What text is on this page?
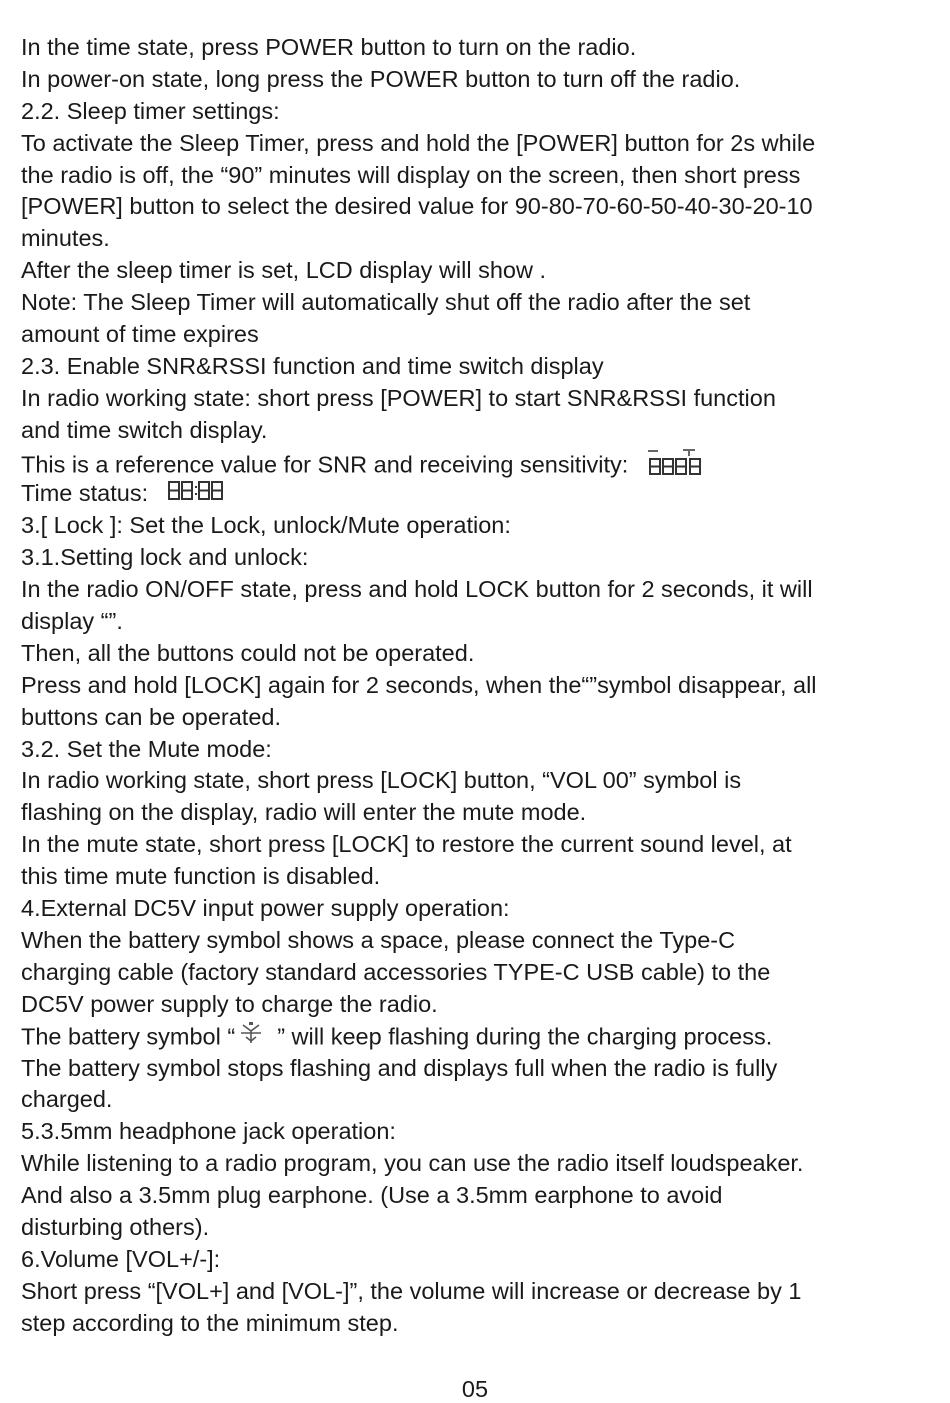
In the time state, press POWER button to turn on the radio.
In power-on state, long press the POWER button to turn off the radio.
2.2. Sleep timer settings:
To activate the Sleep Timer, press and hold the [POWER] button for 2s while
the radio is off, the “90” minutes will display on the screen, then short press
[POWER] button to select the desired value for 90-80-70-60-50-40-30-20-10
minutes.
After the sleep timer is set, LCD display will show .
Note: The Sleep Timer will automatically shut off the radio after the set
amount of time expires
2.3. Enable SNR&RSSI function and time switch display
In radio working state: short press [POWER] to start SNR&RSSI function
and time switch display.
This is a reference value for SNR and receiving sensitivity:
Time status:
3.[ Lock ]: Set the Lock, unlock/Mute operation:
3.1.Setting lock and unlock:
In the radio ON/OFF state, press and hold LOCK button for 2 seconds, it will
display “”.
Then, all the buttons could not be operated.
Press and hold [LOCK] again for 2 seconds, when the“”symbol disappear, all
buttons can be operated.
3.2. Set the Mute mode:
In radio working state, short press [LOCK] button, “VOL 00” symbol is
flashing on the display, radio will enter the mute mode.
In the mute state, short press [LOCK] to restore the current sound level, at
this time mute function is disabled.
4.External DC5V input power supply operation:
When the battery symbol shows a space, please connect the Type-C
charging cable (factory standard accessories TYPE-C USB cable) to the
DC5V power supply to charge the radio.
The battery symbol “ ” will keep flashing during the charging process.
The battery symbol stops flashing and displays full when the radio is fully
charged.
5.3.5mm headphone jack operation:
While listening to a radio program, you can use the radio itself loudspeaker.
And also a 3.5mm plug earphone. (Use a 3.5mm earphone to avoid
disturbing others).
6.Volume [VOL+/-]:
Short press “[VOL+] and [VOL-]”, the volume will increase or decrease by 1
step according to the minimum step.
05
